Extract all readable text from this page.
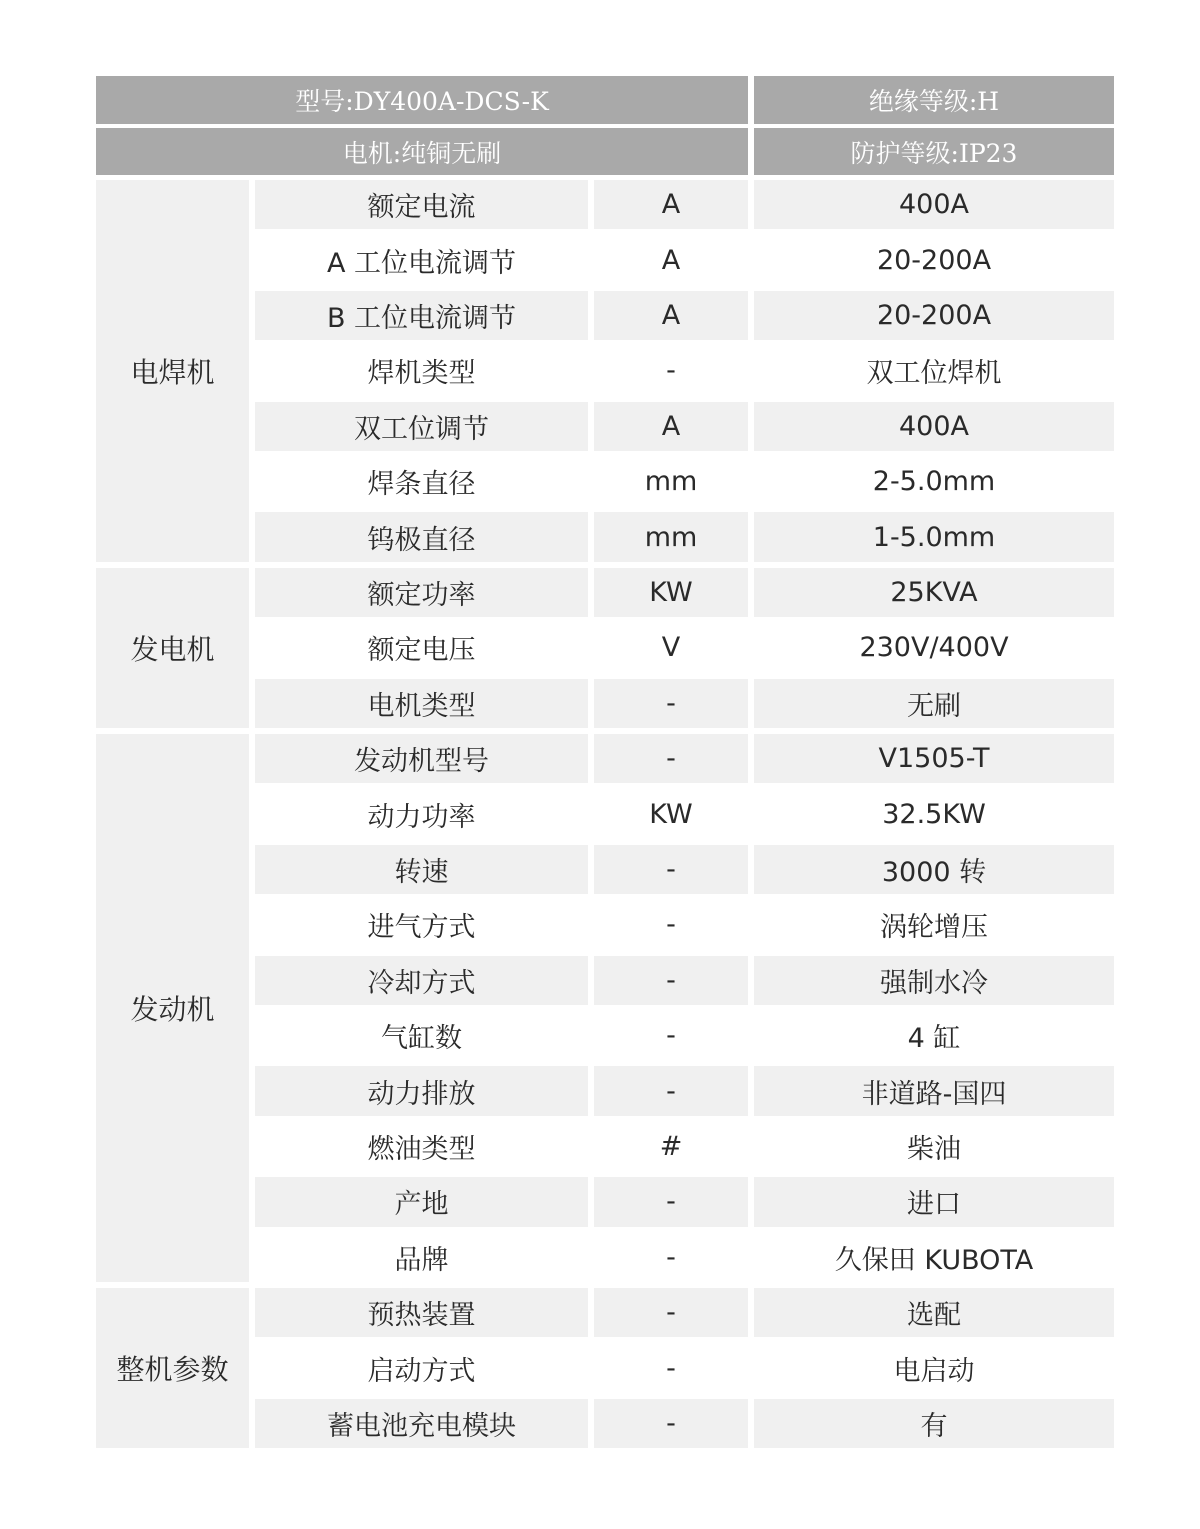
型号:DY400A-DCS-K	绝缘等级:H
电机:纯铜无刷	防护等级:IP23
电焊机
额定电流	A	400A
A 工位电流调节	A	20-200A
B 工位电流调节	A	20-200A
焊机类型	-	双工位焊机
双工位调节	A	400A
焊条直径	mm	2-5.0mm
钨极直径	mm	1-5.0mm
发电机
额定功率	KW	25KVA
额定电压	V	230V/400V
电机类型	-	无刷
发动机
发动机型号	-	V1505-T
动力功率	KW	32.5KW
转速	-	3000 转
进气方式	-	涡轮增压
冷却方式	-	强制水冷
气缸数	-	4 缸
动力排放	-	非道路-国四
燃油类型	#	柴油
产地	-	进口
品牌	-	久保田 KUBOTA
整机参数
预热装置	-	选配
启动方式	-	电启动
蓄电池充电模块	-	有
